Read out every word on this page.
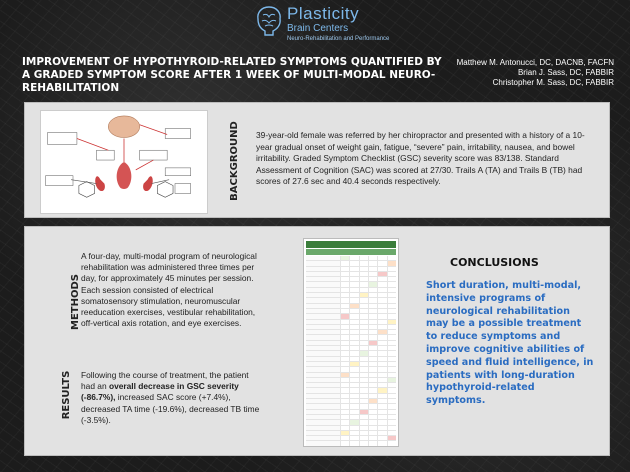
Plasticity
Brain Centers
Neuro-Rehabilitation and Performance
IMPROVEMENT OF HYPOTHYROID-RELATED SYMPTOMS QUANTIFIED BY A GRADED SYMPTOM SCORE AFTER 1 WEEK OF MULTI-MODAL NEURO-REHABILITATION
Matthew M. Antonucci, DC, DACNB, FACFN
Brian J. Sass, DC, FABBIR
Christopher M. Sass, DC, FABBIR
BACKGROUND	39-year-old female was referred by her chiropractor and presented with a history of a 10-year gradual onset of weight gain, fatigue, “severe” pain, irritability, nausea, and bowel irritability. Graded Symptom Checklist (GSC) severity score was 83/138. Standard Assessment of Cognition (SAC) was scored at 27/30. Trails A (TA) and Trails B (TB) had scores of 27.6 sec and 40.4 seconds respectively.
METHODS
A four-day, multi-modal program of neurological rehabilitation was administered three times per day, for approximately 45 minutes per session. Each session consisted of electrical somatosensory stimulation, neuromuscular reeducation exercises, vestibular rehabilitation, off-vertical axis rotation, and eye exercises.
RESULTS	Following the course of treatment, the patient had an overall decrease in GSC severity (-86.7%), increased SAC score (+7.4%), decreased TA time (-19.6%), decreased TB time (-3.5%).
CONCLUSIONS
Short duration, multi-modal, intensive programs of neurological rehabilitation may be a possible treatment to reduce symptoms and improve cognitive abilities of speed and fluid intelligence, in patients with long-duration hypothyroid-related symptoms.
